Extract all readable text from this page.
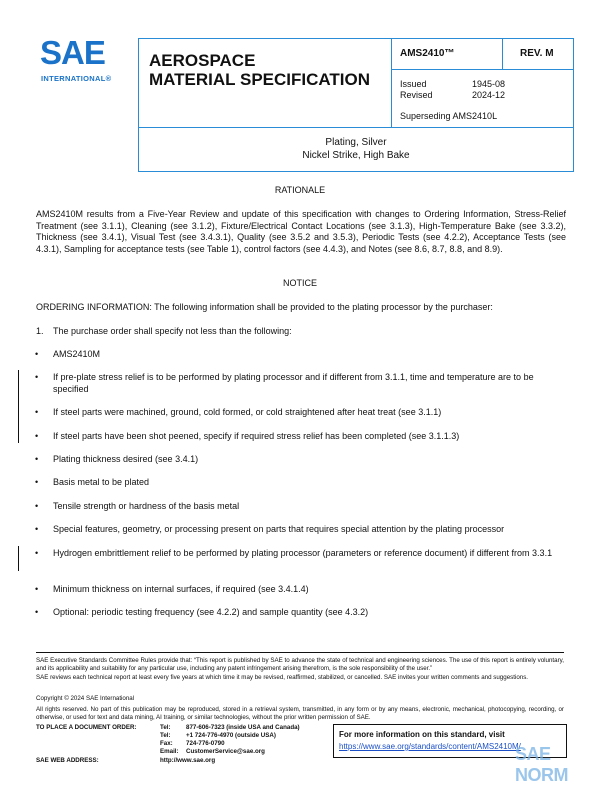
SAE
INTERNATIONAL®
AEROSPACE
MATERIAL SPECIFICATION
AMS2410™	REV. M
Issued	1945-08
Revised	2024-12
Superseding AMS2410L
Plating, Silver
Nickel Strike, High Bake
RATIONALE
AMS2410M results from a Five-Year Review and update of this specification with changes to Ordering Information, Stress-Relief Treatment (see 3.1.1), Cleaning (see 3.1.2), Fixture/Electrical Contact Locations (see 3.1.3), High-Temperature Bake (see 3.3.2), Thickness (see 3.4.1), Visual Test (see 3.4.3.1), Quality (see 3.5.2 and 3.5.3), Periodic Tests (see 4.2.2), Acceptance Tests (see 4.3.1), Sampling for acceptance tests (see Table 1), control factors (see 4.4.3), and Notes (see 8.6, 8.7, 8.8, and 8.9).
NOTICE
ORDERING INFORMATION: The following information shall be provided to the plating processor by the purchaser:
1. The purchase order shall specify not less than the following:
• AMS2410M
• If pre-plate stress relief is to be performed by plating processor and if different from 3.1.1, time and temperature are to be specified
• If steel parts were machined, ground, cold formed, or cold straightened after heat treat (see 3.1.1)
• If steel parts have been shot peened, specify if required stress relief has been completed (see 3.1.1.3)
• Plating thickness desired (see 3.4.1)
• Basis metal to be plated
• Tensile strength or hardness of the basis metal
• Special features, geometry, or processing present on parts that requires special attention by the plating processor
• Hydrogen embrittlement relief to be performed by plating processor (parameters or reference document) if different from 3.3.1
• Minimum thickness on internal surfaces, if required (see 3.4.1.4)
• Optional: periodic testing frequency (see 4.2.2) and sample quantity (see 4.3.2)
SAE Executive Standards Committee Rules provide that: “This report is published by SAE to advance the state of technical and engineering sciences. The use of this report is entirely voluntary, and its applicability and suitability for any particular use, including any patent infringement arising therefrom, is the sole responsibility of the user.”
SAE reviews each technical report at least every five years at which time it may be revised, reaffirmed, stabilized, or cancelled. SAE invites your written comments and suggestions.
Copyright © 2024 SAE International
All rights reserved. No part of this publication may be reproduced, stored in a retrieval system, transmitted, in any form or by any means, electronic, mechanical, photocopying, recording, or otherwise, or used for text and data mining, AI training, or similar technologies, without the prior written permission of SAE.
TO PLACE A DOCUMENT ORDER:	Tel: 877-606-7323 (inside USA and Canada)
Tel: +1 724-776-4970 (outside USA)
Fax: 724-776-0790
Email: CustomerService@sae.org
SAE WEB ADDRESS:	http://www.sae.org
For more information on this standard, visit
https://www.sae.org/standards/content/AMS2410M/
SAE NORM
